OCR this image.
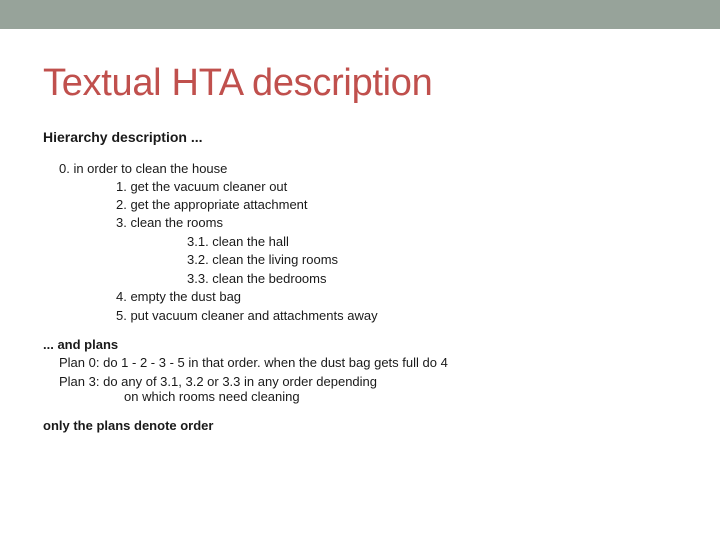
Textual HTA description
Hierarchy description ...
0. in order to clean the house
1. get the vacuum cleaner out
2. get the appropriate attachment
3. clean the rooms
3.1. clean the hall
3.2. clean the living rooms
3.3. clean the bedrooms
4. empty the dust bag
5. put vacuum cleaner and attachments away
... and plans
Plan 0: do 1 - 2 - 3 - 5 in that order. when the dust bag gets full do 4
Plan 3: do any of 3.1, 3.2 or 3.3 in any order depending
on which rooms need cleaning
only the plans denote order
